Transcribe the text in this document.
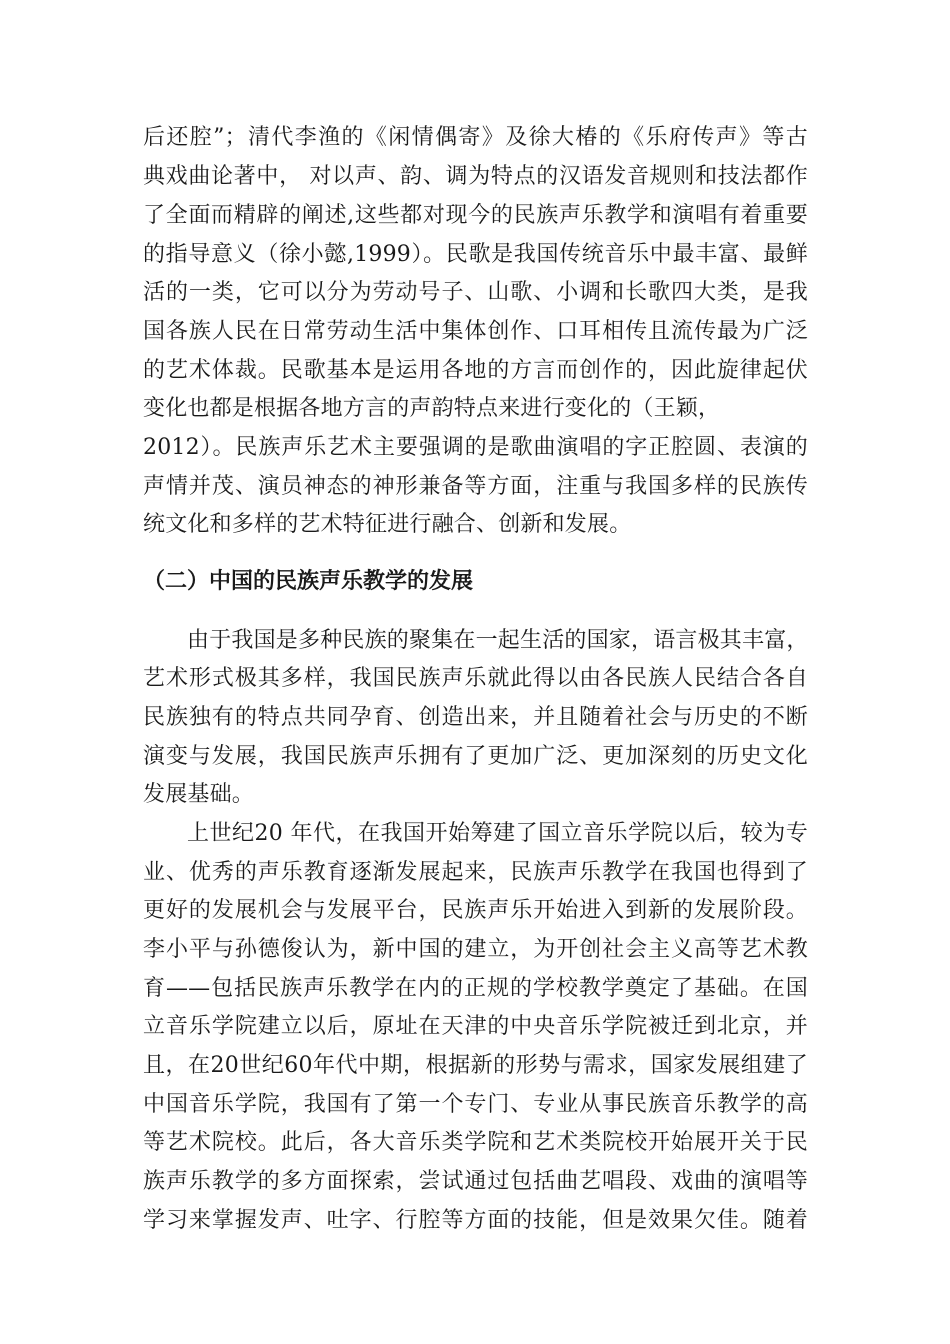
后还腔”；清代李渔的《闲情偶寄》及徐大椿的《乐府传声》等古
典戏曲论著中， 对以声、韵、调为特点的汉语发音规则和技法都作
了全面而精辟的阐述,这些都对现今的民族声乐教学和演唱有着重要
的指导意义（徐小懿,1999）。民歌是我国传统音乐中最丰富、最鲜
活的一类，它可以分为劳动号子、山歌、小调和长歌四大类，是我
国各族人民在日常劳动生活中集体创作、口耳相传且流传最为广泛
的艺术体裁。民歌基本是运用各地的方言而创作的，因此旋律起伏
变化也都是根据各地方言的声韵特点来进行变化的（王颖，
2012）。民族声乐艺术主要强调的是歌曲演唱的字正腔圆、表演的
声情并茂、演员神态的神形兼备等方面，注重与我国多样的民族传
统文化和多样的艺术特征进行融合、创新和发展。
（二）中国的民族声乐教学的发展
由于我国是多种民族的聚集在一起生活的国家，语言极其丰富，
艺术形式极其多样，我国民族声乐就此得以由各民族人民结合各自
民族独有的特点共同孕育、创造出来，并且随着社会与历史的不断
演变与发展，我国民族声乐拥有了更加广泛、更加深刻的历史文化
发展基础。
上世纪20 年代，在我国开始筹建了国立音乐学院以后，较为专
业、优秀的声乐教育逐渐发展起来，民族声乐教学在我国也得到了
更好的发展机会与发展平台，民族声乐开始进入到新的发展阶段。
李小平与孙德俊认为，新中国的建立，为开创社会主义高等艺术教
育——包括民族声乐教学在内的正规的学校教学奠定了基础。在国
立音乐学院建立以后，原址在天津的中央音乐学院被迁到北京，并
且，在20世纪60年代中期，根据新的形势与需求，国家发展组建了
中国音乐学院，我国有了第一个专门、专业从事民族音乐教学的高
等艺术院校。此后，各大音乐类学院和艺术类院校开始展开关于民
族声乐教学的多方面探索，尝试通过包括曲艺唱段、戏曲的演唱等
学习来掌握发声、吐字、行腔等方面的技能，但是效果欠佳。随着
